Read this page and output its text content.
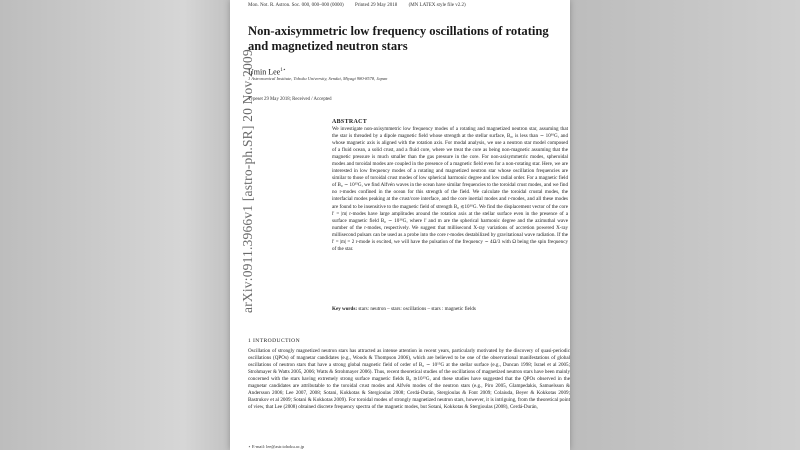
Mon. Not. R. Astron. Soc. 000, 000–000 (0000) Printed 29 May 2018 (MN LATEX style file v2.2)
arXiv:0911.3966v1 [astro-ph.SR] 20 Nov 2009
Non-axisymmetric low frequency oscillations of rotating and magnetized neutron stars
Umin Lee$^{1⋆}$
1 Astronomical Institute, Tohoku University, Sendai, Miyagi 980-8578, Japan
Typeset 29 May 2018; Received / Accepted
ABSTRACT
We investigate non-axisymmetric low frequency modes of a rotating and magnetized neutron star, assuming that the star is threaded by a dipole magnetic field whose strength at the stellar surface, B₀, is less than ∼ 10¹⁶G, and whose magnetic axis is aligned with the rotation axis. For modal analysis, we use a neutron star model composed of a fluid ocean, a solid crust, and a fluid core, where we treat the core as being non-magnetic assuming that the magnetic pressure is much smaller than the gas pressure in the core. For non-axisymmetric modes, spheroidal modes and toroidal modes are coupled in the presence of a magnetic field even for a non-rotating star. Here, we are interested in low frequency modes of a rotating and magnetized neutron star whose oscillation frequencies are similar to those of toroidal crust modes of low spherical harmonic degree and low radial order. For a magnetic field of B₀ ∼ 10¹⁵G, we find Alfvén waves in the ocean have similar frequencies to the toroidal crust modes, and we find no r-modes confined in the ocean for this strength of the field. We calculate the toroidal crustal modes, the interfacial modes peaking at the crust/core interface, and the core inertial modes and r-modes, and all these modes are found to be insensitive to the magnetic field of strength B₀ ≲10¹⁶G. We find the displacement vector of the core l' = |m| r-modes have large amplitudes around the rotation axis at the stellar surface even in the presence of a surface magnetic field B₀ ∼ 10¹⁶G, where l' and m are the spherical harmonic degree and the azimuthal wave number of the r-modes, respectively. We suggest that millisecond X-ray variations of accretion powered X-ray millisecond pulsars can be used as a probe into the core r-modes destabilized by gravitational wave radiation. If the l' = |m| = 2 r-mode is excited, we will have the pulsation of the frequency ∼ 4Ω/3 with Ω being the spin frequency of the star.
Key words: stars: neutron – stars: oscillations – stars : magnetic fields
1 INTRODUCTION
Oscillation of strongly magnetized neutron stars has attracted as intense attention in recent years, particularly motivated by the discovery of quasi-periodic oscillations (QPOs) of magnetar candidates (e.g., Woods & Thompson 2006), which are believed to be one of the observational manifestations of global oscillations of neutron stars that have a strong global magnetic field of order of B₀ ∼ 10¹⁵G at the stellar surface (e.g., Duncan 1998; Israel et al 2005; Strohmayer & Watts 2005, 2006; Watts & Strohmayer 2006). Thus, recent theoretical studies of the oscillations of magnetized neutron stars have been mainly concerned with the stars having extremely strong surface magnetic fields B₀ ≳10¹⁵G, and these studies have suggested that the QPOs observed in the magnetar candidates are attributable to the toroidal crust modes and Alfvén modes of the neutron stars (e.g., Piro 2005, Glampedakis, Samuelsson & Andersson 2006; Lee 2007, 2008; Sotani, Kokkotas & Stergioulas 2008; Cerdá-Durán, Stergioulas & Font 2009; Colaiuda, Beyer & Kokkotas 2009; Bastrukov et al 2009; Sotani & Kokkotas 2009). For toroidal modes of strongly magnetized neutron stars, however, it is intriguing, from the theoretical point of view, that Lee (2008) obtained discrete frequency spectra of the magnetic modes, but Sotani, Kokkotas & Stergioulas (2008), Cerdá-Durán,
⋆ E-mail: lee@astr.tohoku.ac.jp
